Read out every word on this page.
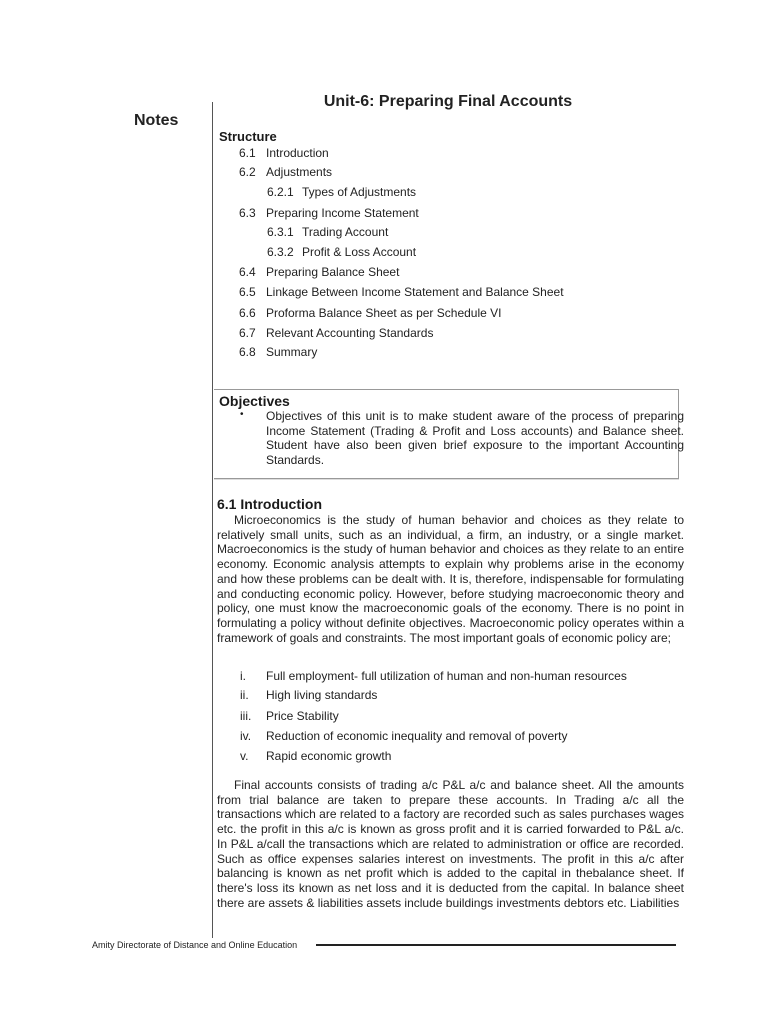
Notes
Unit-6: Preparing Final Accounts
Structure
6.1 Introduction
6.2 Adjustments
6.2.1 Types of Adjustments
6.3 Preparing Income Statement
6.3.1 Trading Account
6.3.2 Profit & Loss Account
6.4 Preparing Balance Sheet
6.5 Linkage Between Income Statement and Balance Sheet
6.6 Proforma Balance Sheet as per Schedule VI
6.7 Relevant Accounting Standards
6.8 Summary
Objectives
• Objectives of this unit is to make student aware of the process of preparing Income Statement (Trading & Profit and Loss accounts) and Balance sheet. Student have also been given brief exposure to the important Accounting Standards.
6.1 Introduction
Microeconomics is the study of human behavior and choices as they relate to relatively small units, such as an individual, a firm, an industry, or a single market. Macroeconomics is the study of human behavior and choices as they relate to an entire economy. Economic analysis attempts to explain why problems arise in the economy and how these problems can be dealt with. It is, therefore, indispensable for formulating and conducting economic policy. However, before studying macroeconomic theory and policy, one must know the macroeconomic goals of the economy. There is no point in formulating a policy without definite objectives. Macroeconomic policy operates within a framework of goals and constraints. The most important goals of economic policy are;
i. Full employment- full utilization of human and non-human resources
ii. High living standards
iii. Price Stability
iv. Reduction of economic inequality and removal of poverty
v. Rapid economic growth
Final accounts consists of trading a/c P&L a/c and balance sheet. All the amounts from trial balance are taken to prepare these accounts. In Trading a/c all the transactions which are related to a factory are recorded such as sales purchases wages etc. the profit in this a/c is known as gross profit and it is carried forwarded to P&L a/c. In P&L a/call the transactions which are related to administration or office are recorded. Such as office expenses salaries interest on investments. The profit in this a/c after balancing is known as net profit which is added to the capital in thebalance sheet. If there's loss its known as net loss and it is deducted from the capital. In balance sheet there are assets & liabilities assets include buildings investments debtors etc. Liabilities
Amity Directorate of Distance and Online Education
